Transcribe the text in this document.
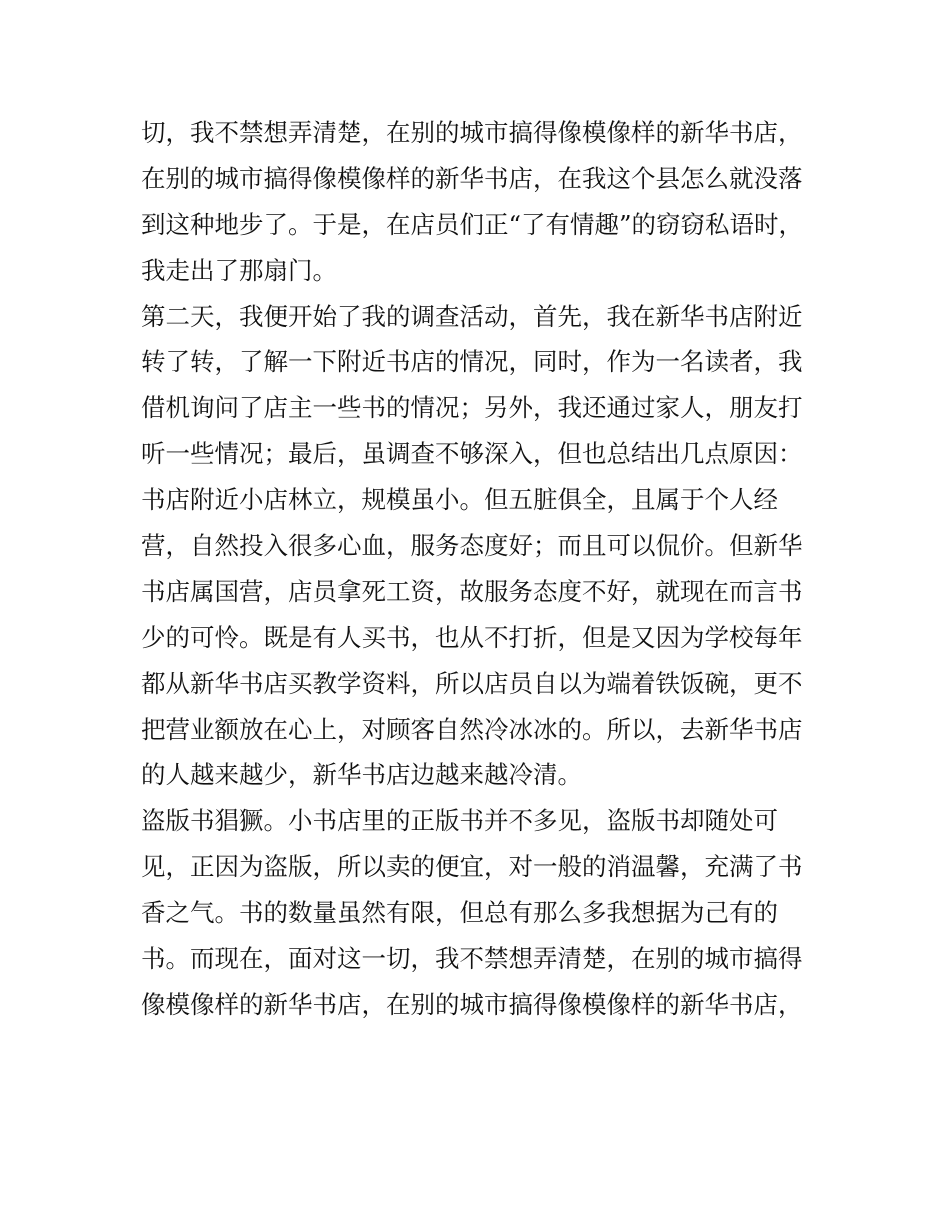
切，我不禁想弄清楚，在别的城市搞得像模像样的新华书店，
在别的城市搞得像模像样的新华书店，在我这个县怎么就没落
到这种地步了。于是，在店员们正“了有情趣”的窃窃私语时，
我走出了那扇门。
第二天，我便开始了我的调查活动，首先，我在新华书店附近
转了转，了解一下附近书店的情况，同时，作为一名读者，我
借机询问了店主一些书的情况；另外，我还通过家人，朋友打
听一些情况；最后，虽调查不够深入，但也总结出几点原因：
书店附近小店林立，规模虽小。但五脏俱全，且属于个人经
营，自然投入很多心血，服务态度好；而且可以侃价。但新华
书店属国营，店员拿死工资，故服务态度不好，就现在而言书
少的可怜。既是有人买书，也从不打折，但是又因为学校每年
都从新华书店买教学资料，所以店员自以为端着铁饭碗，更不
把营业额放在心上，对顾客自然冷冰冰的。所以，去新华书店
的人越来越少，新华书店边越来越冷清。
盗版书猖獗。小书店里的正版书并不多见，盗版书却随处可
见，正因为盗版，所以卖的便宜，对一般的消温馨，充满了书
香之气。书的数量虽然有限，但总有那么多我想据为己有的
书。而现在，面对这一切，我不禁想弄清楚，在别的城市搞得
像模像样的新华书店，在别的城市搞得像模像样的新华书店，
